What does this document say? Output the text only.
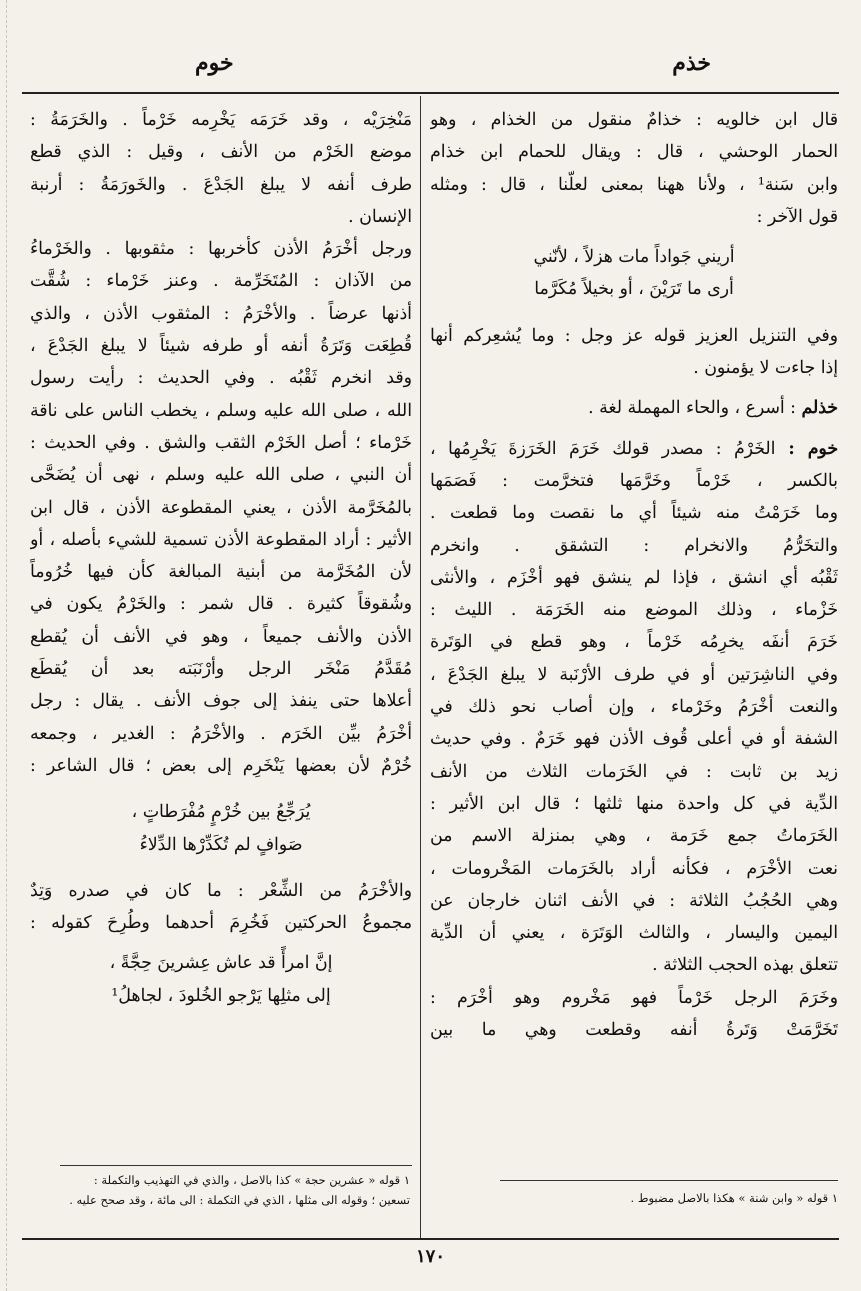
خذم
خوم
قال ابن خالويه : خذامٌ منقول من الخذام ، وهو
الحمار الوحشي ، قال : ويقال للحمام ابن خذام
وابن سَنة¹ ، ولأنا ههنا بمعنى لعلّنا ، قال : ومثله
قول الآخر :
أريني جَواداً مات هزلاً ، لأنّني
أرى ما تَرَيْنَ ، أو بخيلاً مُكَرَّما
وفي التنزيل العزيز قوله عز وجل : وما يُشعِركم أنها
إذا جاءت لا يؤمنون .
خذلم : أسرع ، والحاء المهملة لغة .
خوم : الخَرْمُ : مصدر قولك خَرَمَ الخَرَزةَ يَخْرِمُها ،
بالكسر ، خَرْماً وخَرَّمَها فتخرَّمت : فَصَمَها
وما خَرَمْتُ منه شيئاً أي ما نقصت وما قطعت .
والتخَرُّمُ والانخرام : التشقق . وانخرم
ثَقْبُه أي انشق ، فإذا لم ينشق فهو أخْزَم ، والأنثى
خَزْماء ، وذلك الموضع منه الخَرَمَة . الليث :
خَرَمَ أنفَه يخرِمُه خَرْماً ، وهو قطع في الوَتَرة
وفي الناشِرَتين أو في طرف الأرْنَبة لا يبلغ الجَدْعَ ،
والنعت أخْرَمُ وخَرْماء ، وإن أصاب نحو ذلك في
الشفة أو في أعلى قُوف الأذن فهو خَرَمٌ . وفي حديث
زيد بن ثابت : في الخَرَمات الثلاث من الأنف
الدِّية في كل واحدة منها ثلثها ؛ قال ابن الأثير :
الخَرَماتُ جمع خَرَمة ، وهي بمنزلة الاسم من
نعت الأخْرَم ، فكأنه أراد بالخَرَمات المَخْرومات ،
وهي الحُجُبُ الثلاثة : في الأنف اثنان خارجان عن
اليمين واليسار ، والثالث الوَتَرَة ، يعني أن الدِّية
تتعلق بهذه الحجب الثلاثة .
وخَرَمَ الرجل خَرْماً فهو مَخْروم وهو أخْرَم :
تَخَرَّمَتْ وَتَرةُ أنفه وقطعت وهي ما بين
مَنْخِرَيْه ، وقد خَرَمَه يَخْرِمه خَرْماً . والخَرَمَةُ :
موضع الخَرْم من الأنف ، وقيل : الذي قطع
طرف أنفه لا يبلغ الجَدْعَ . والخَورَمَةُ : أرنبة
الإنسان .
ورجل أخْرَمُ الأذن كأخربها : مثقوبها . والخَرْماءُ
من الآذان : المُتَخَرِّمة . وعنز خَرْماء : شُقَّت
أذنها عرضاً . والأخْرَمُ : المثقوب الأذن ، والذي
قُطِعَت وَتَرَةُ أنفه أو طرفه شيئاً لا يبلغ الجَدْعَ ،
وقد انخرم ثَقْبُه . وفي الحديث : رأيت رسول
الله ، صلى الله عليه وسلم ، يخطب الناس على ناقة
خَرْماء ؛ أصل الخَرْم الثقب والشق . وفي الحديث :
أن النبي ، صلى الله عليه وسلم ، نهى أن يُضَحَّى
بالمُخَرَّمة الأذن ، يعني المقطوعة الأذن ، قال ابن
الأثير : أراد المقطوعة الأذن تسمية للشيء بأصله ، أو
لأن المُخَرَّمة من أبنية المبالغة كأن فيها خُرُوماً
وشُقوقاً كثيرة . قال شمر : والخَرْمُ يكون في
الأذن والأنف جميعاً ، وهو في الأنف أن يُقطع
مُقَدَّمُ مَنْخَر الرجل وأرْنَبَته بعد أن يُقطَع
أعلاها حتى ينفذ إلى جوف الأنف . يقال : رجل
أخْرَمُ بيِّن الخَرَم . والأخْرَمُ : الغدير ، وجمعه
خُرْمٌ لأن بعضها يَنْخَرِم إلى بعض ؛ قال الشاعر :
يُرَجِّعُ بين خُرْمٍ مُفْرَطاتٍ ،
صَوافٍ لم تُكَدِّرْها الدِّلاءُ
والأخْرَمُ من الشِّعْر : ما كان في صدره وَتِدٌ
مجموعُ الحركتين فَخُرِمَ أحدهما وطُرِحَ كقوله :
إنَّ امرأً قد عاش عِشرينَ حِجَّةً ،
إلى مثلِها يَرْجو الخُلودَ ، لجاهلُ¹
١ قوله « وابن شنة » هكذا بالاصل مضبوط .
١ قوله « عشرين حجة » كذا بالاصل ، والذي في التهذيب والتكملة :
تسعين ؛ وقوله الى مثلها ، الذي في التكملة : الى مائة ، وقد صحح عليه .
١٧٠
